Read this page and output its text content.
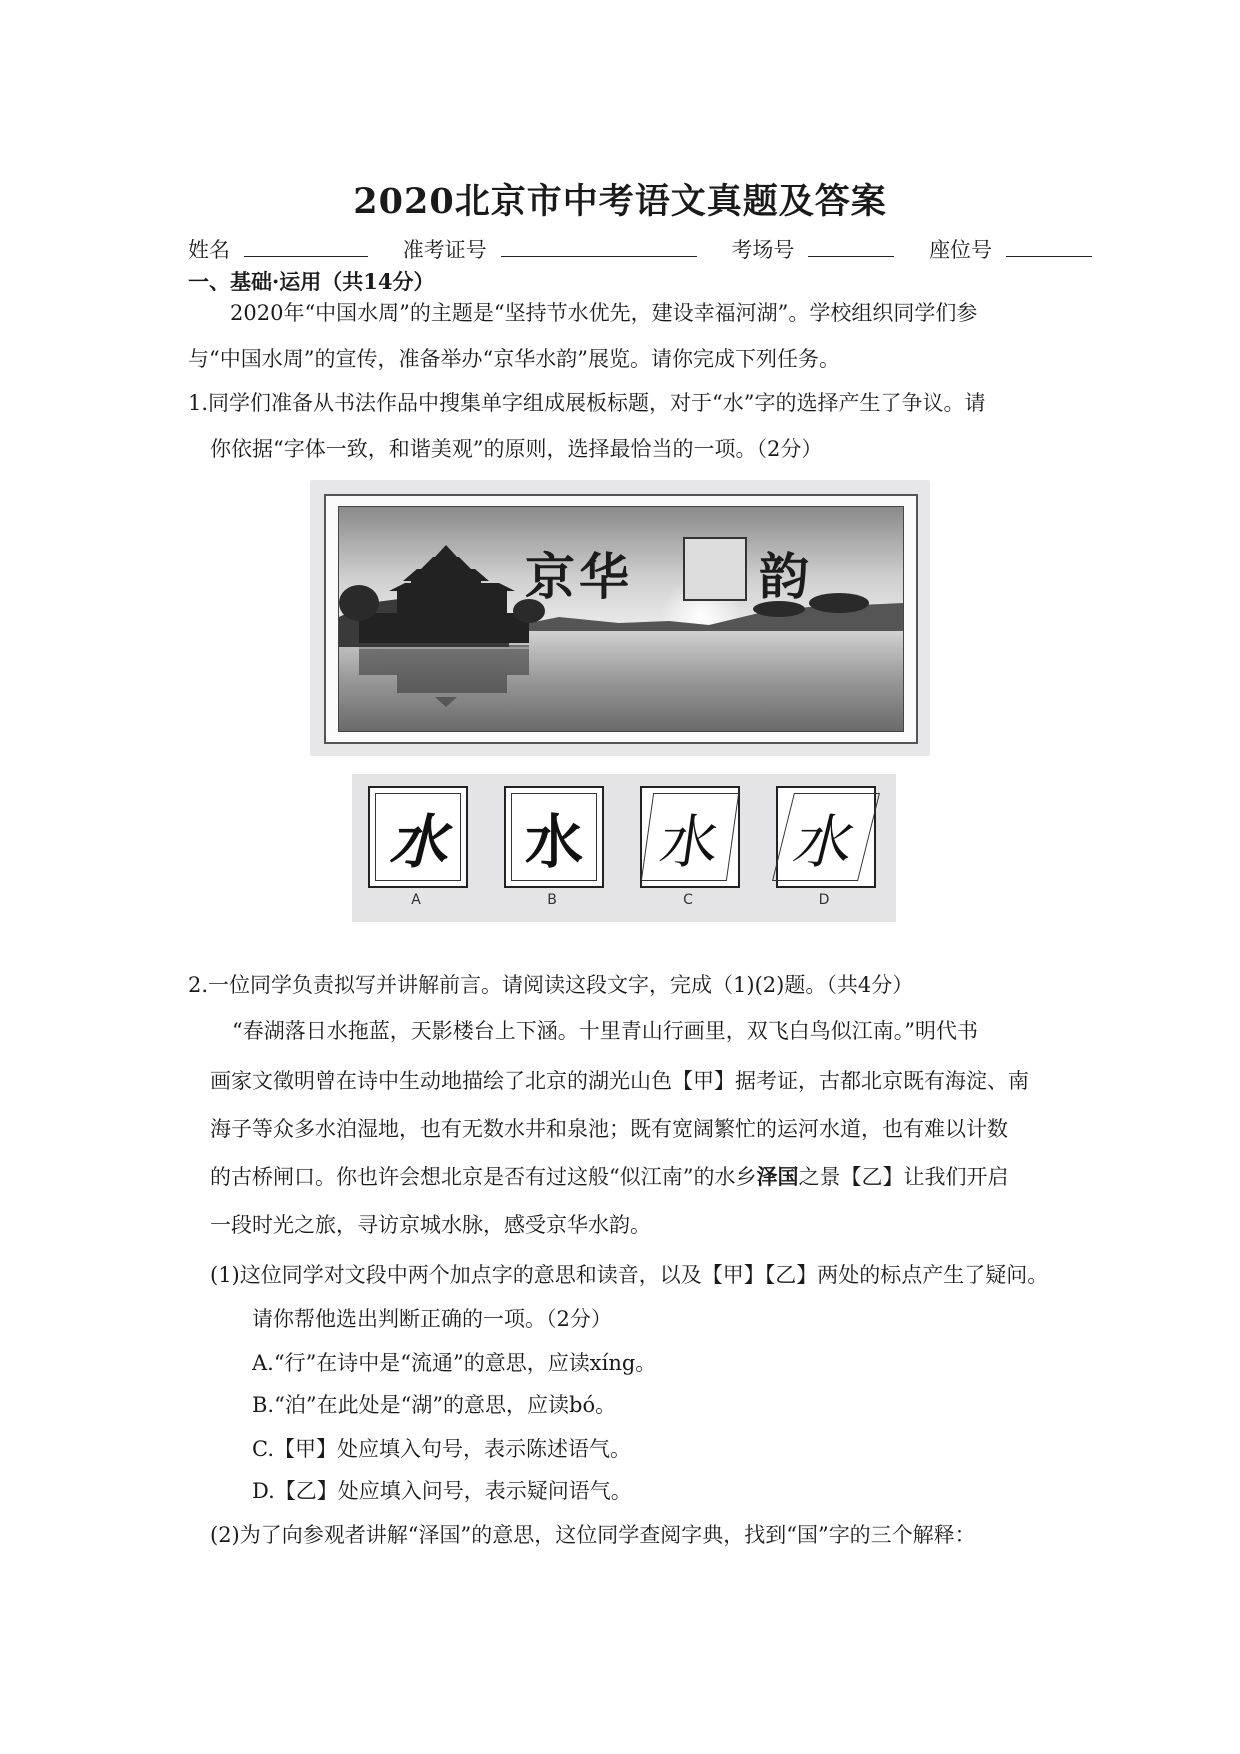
2020北京市中考语文真题及答案
姓名	准考证号	考场号	座位号
一、基础·运用（共14分）
2020年“中国水周”的主题是“坚持节水优先，建设幸福河湖”。学校组织同学们参
与“中国水周”的宣传，准备举办“京华水韵”展览。请你完成下列任务。
1.同学们准备从书法作品中搜集单字组成展板标题，对于“水”字的选择产生了争议。请
你依据“字体一致，和谐美观”的原则，选择最恰当的一项。（2分）
京华	韵
水
A
水
B
水
C
水
D
2.一位同学负责拟写并讲解前言。请阅读这段文字，完成（1)(2)题。（共4分）
“春湖落日水拖蓝，天影楼台上下涵。十里青山行画里，双飞白鸟似江南。”明代书
画家文徵明曾在诗中生动地描绘了北京的湖光山色【甲】据考证，古都北京既有海淀、南
海子等众多水泊湿地，也有无数水井和泉池；既有宽阔繁忙的运河水道，也有难以计数
的古桥闸口。你也许会想北京是否有过这般“似江南”的水乡泽国之景【乙】让我们开启
一段时光之旅，寻访京城水脉，感受京华水韵。
(1)这位同学对文段中两个加点字的意思和读音，以及【甲】【乙】两处的标点产生了疑问。
请你帮他选出判断正确的一项。（2分）
A.“行”在诗中是“流通”的意思，应读xíng。
B.“泊”在此处是“湖”的意思，应读bó。
C.【甲】处应填入句号，表示陈述语气。
D.【乙】处应填入问号，表示疑问语气。
(2)为了向参观者讲解“泽国”的意思，这位同学查阅字典，找到“国”字的三个解释：
